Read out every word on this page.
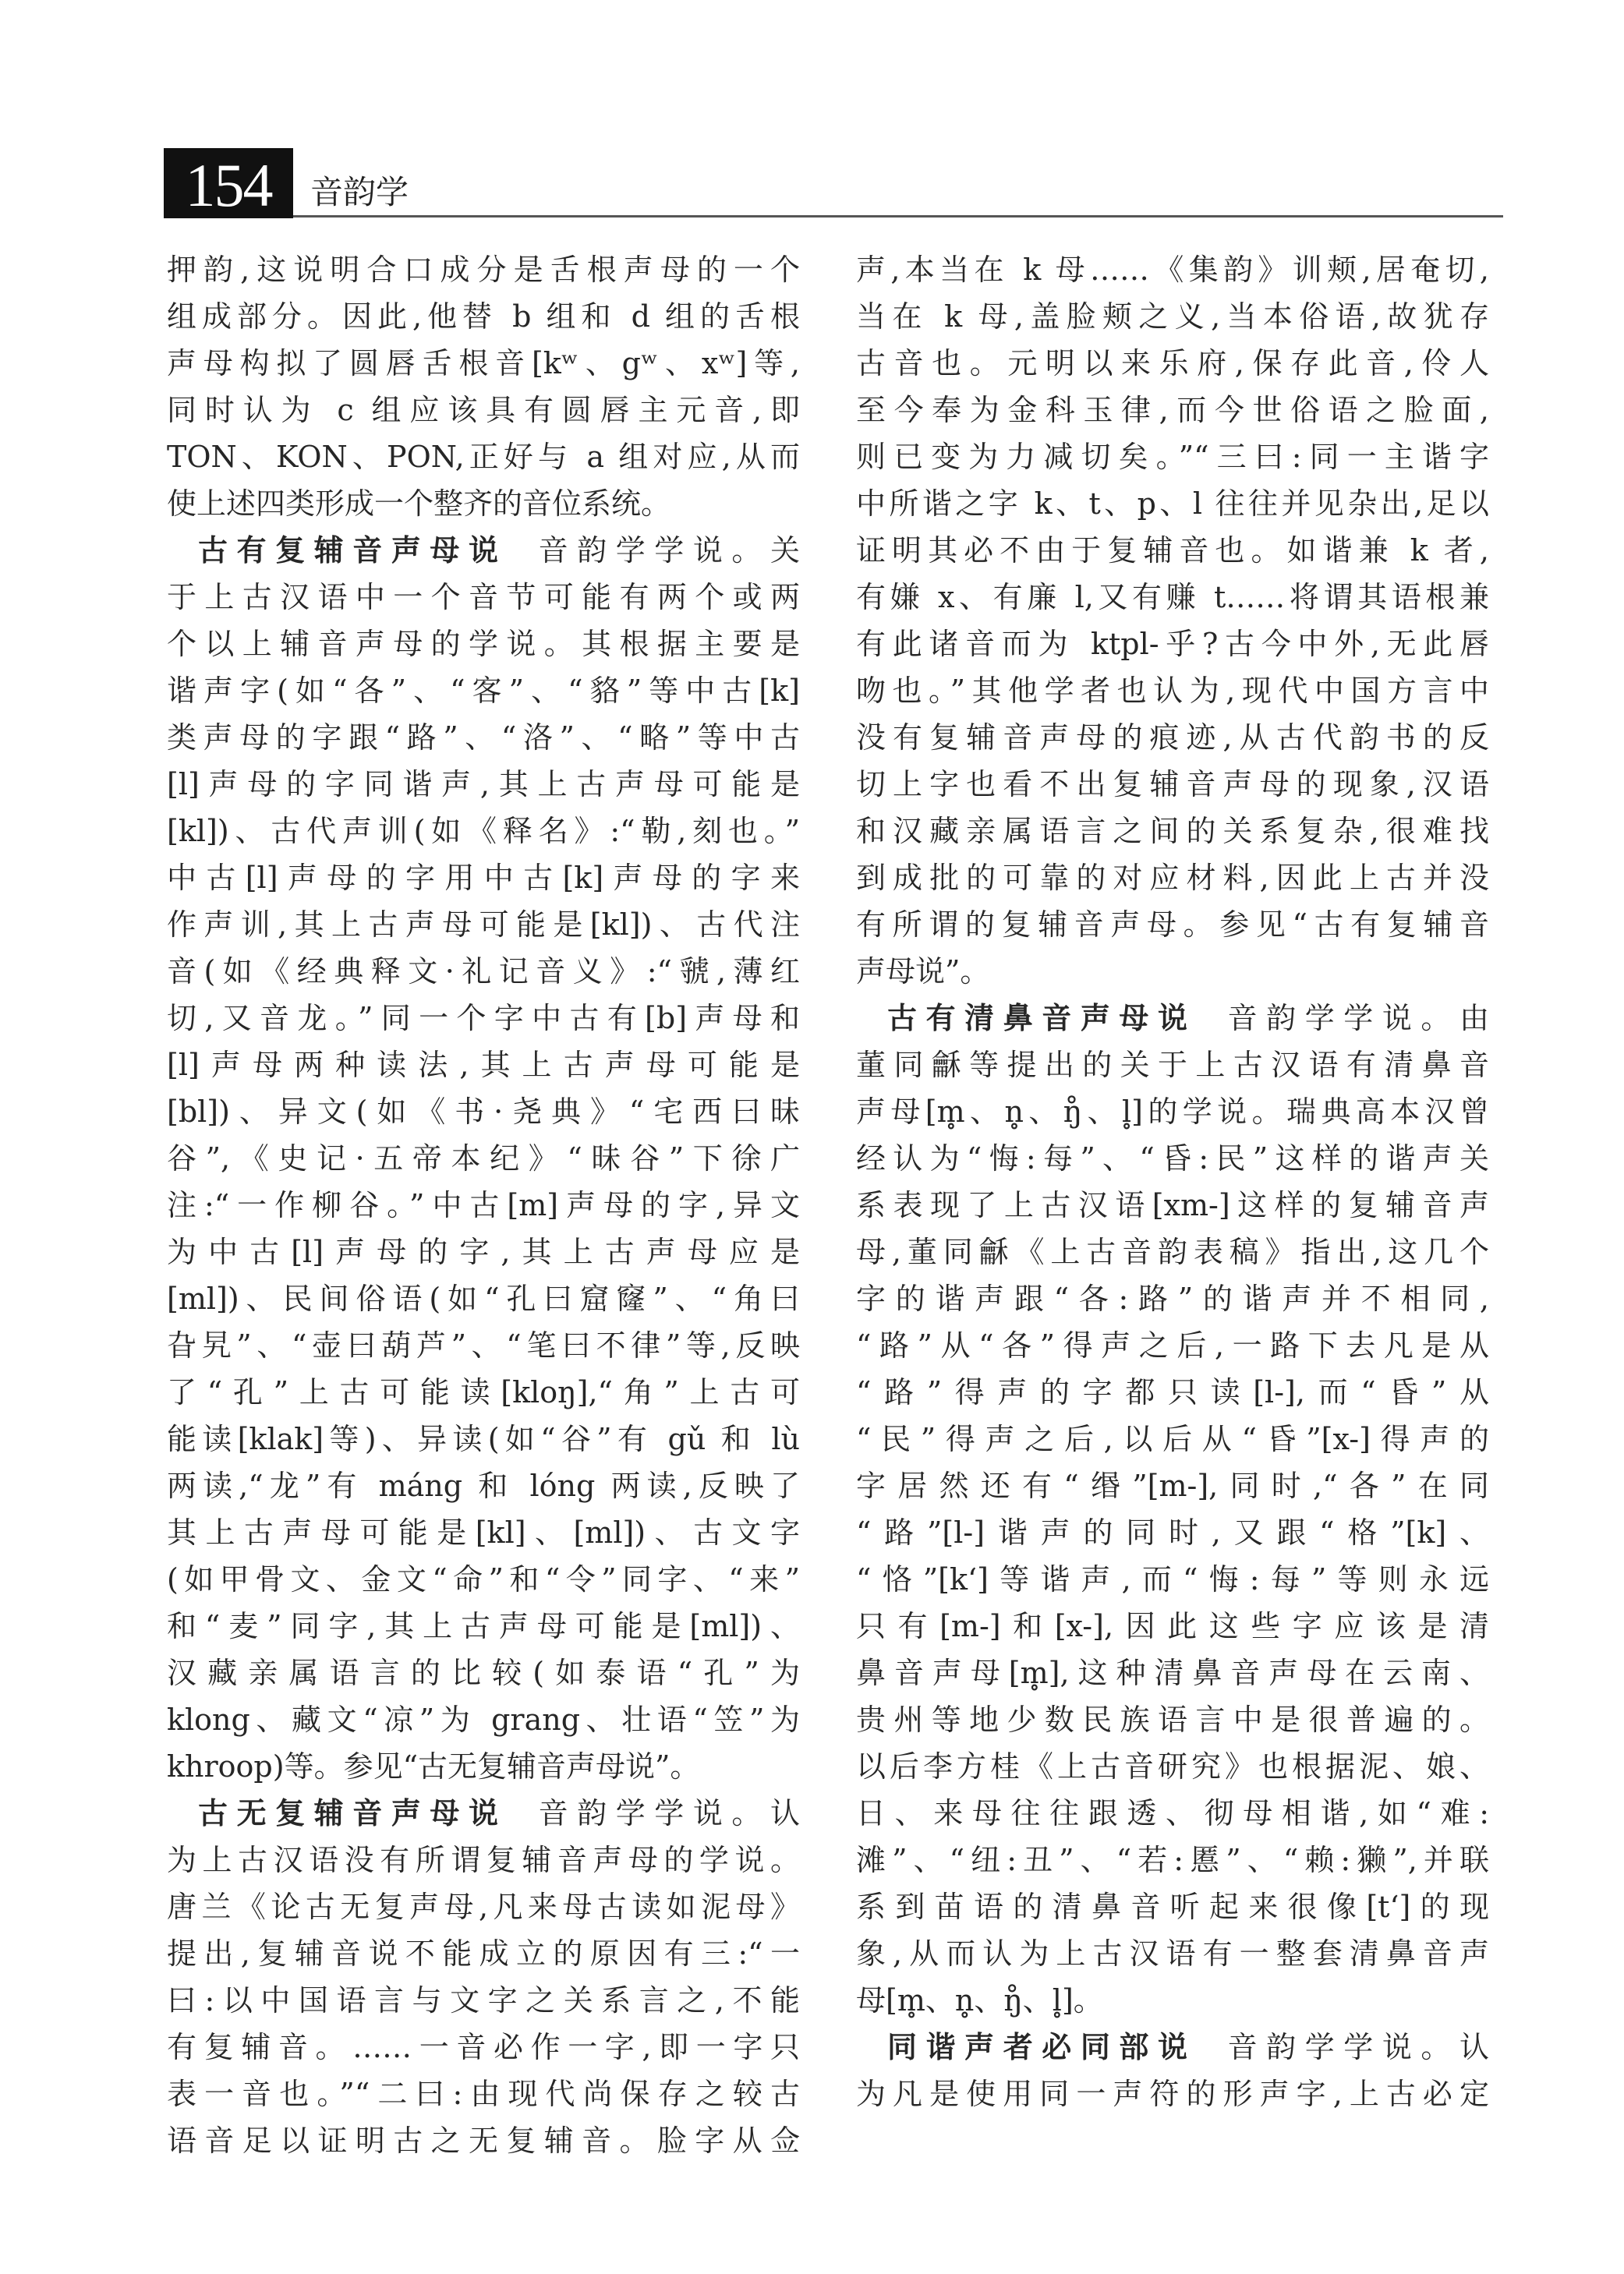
154 音韵学
押韵,这说明合口成分是舌根声母的一个
组成部分。因此,他替 b 组和 d 组的舌根
声母构拟了圆唇舌根音[kʷ、gʷ、xʷ]等,
同时认为 c 组应该具有圆唇主元音,即
TON、KON、PON,正好与 a 组对应,从而
使上述四类形成一个整齐的音位系统。
古有复辅音声母说 音韵学学说。关
于上古汉语中一个音节可能有两个或两
个以上辅音声母的学说。其根据主要是
谐声字(如“各”、“客”、“貉”等中古[k]
类声母的字跟“路”、“洛”、“略”等中古
[l]声母的字同谐声,其上古声母可能是
[kl])、古代声训(如《释名》:“勒,刻也。”
中古[l]声母的字用中古[k]声母的字来
作声训,其上古声母可能是[kl])、古代注
音(如《经典释文·礼记音义》:“虢,薄红
切,又音龙。”同一个字中古有[b]声母和
[l]声母两种读法,其上古声母可能是
[bl])、异文(如《书·尧典》“宅西曰昧
谷”,《史记·五帝本纪》“昧谷”下徐广
注:“一作柳谷。”中古[m]声母的字,异文
为中古[l]声母的字,其上古声母应是
[ml])、民间俗语(如“孔曰窟窿”、“角曰
旮旯”、“壶曰葫芦”、“笔曰不律”等,反映
了“孔”上古可能读[kloŋ],“角”上古可
能读[klak]等)、异读(如“谷”有 gǔ 和 lù
两读,“龙”有 máng 和 lóng 两读,反映了
其上古声母可能是[kl]、[ml])、古文字
(如甲骨文、金文“命”和“令”同字、“来”
和“麦”同字,其上古声母可能是[ml])、
汉藏亲属语言的比较(如泰语“孔”为
klong、藏文“凉”为 grang、壮语“笠”为
khroop)等。参见“古无复辅音声母说”。
古无复辅音声母说 音韵学学说。认
为上古汉语没有所谓复辅音声母的学说。
唐兰《论古无复声母,凡来母古读如泥母》
提出,复辅音说不能成立的原因有三:“一
曰:以中国语言与文字之关系言之,不能
有复辅音。……一音必作一字,即一字只
表一音也。”“二曰:由现代尚保存之较古
语音足以证明古之无复辅音。脸字从佥
声,本当在 k 母……《集韵》训颊,居奄切,
当在 k 母,盖脸颊之义,当本俗语,故犹存
古音也。元明以来乐府,保存此音,伶人
至今奉为金科玉律,而今世俗语之脸面,
则已变为力减切矣。”“三曰:同一主谐字
中所谐之字 k、t、p、l 往往并见杂出,足以
证明其必不由于复辅音也。如谐兼 k 者,
有嫌 x、有廉 l,又有赚 t……将谓其语根兼
有此诸音而为 ktpl-乎?古今中外,无此唇
吻也。”其他学者也认为,现代中国方言中
没有复辅音声母的痕迹,从古代韵书的反
切上字也看不出复辅音声母的现象,汉语
和汉藏亲属语言之间的关系复杂,很难找
到成批的可靠的对应材料,因此上古并没
有所谓的复辅音声母。参见“古有复辅音
声母说”。
古有清鼻音声母说 音韵学学说。由
董同龢等提出的关于上古汉语有清鼻音
声母[m̥、n̥、ŋ̊、l̥]的学说。瑞典高本汉曾
经认为“悔:每”、“昏:民”这样的谐声关
系表现了上古汉语[xm-]这样的复辅音声
母,董同龢《上古音韵表稿》指出,这几个
字的谐声跟“各:路”的谐声并不相同,
“路”从“各”得声之后,一路下去凡是从
“路”得声的字都只读[l-],而“昏”从
“民”得声之后,以后从“昏”[x-]得声的
字居然还有“缗”[m-],同时,“各”在同
“路”[l-]谐声的同时,又跟“格”[k]、
“恪”[kʻ]等谐声,而“悔:每”等则永远
只有[m-]和[x-],因此这些字应该是清
鼻音声母[m̥],这种清鼻音声母在云南、
贵州等地少数民族语言中是很普遍的。
以后李方桂《上古音研究》也根据泥、娘、
日、来母往往跟透、彻母相谐,如“难:
滩”、“纽:丑”、“若:慝”、“赖:獭”,并联
系到苗语的清鼻音听起来很像[tʻ]的现
象,从而认为上古汉语有一整套清鼻音声
母[m̥、n̥、ŋ̊、l̥]。
同谐声者必同部说 音韵学学说。认
为凡是使用同一声符的形声字,上古必定
